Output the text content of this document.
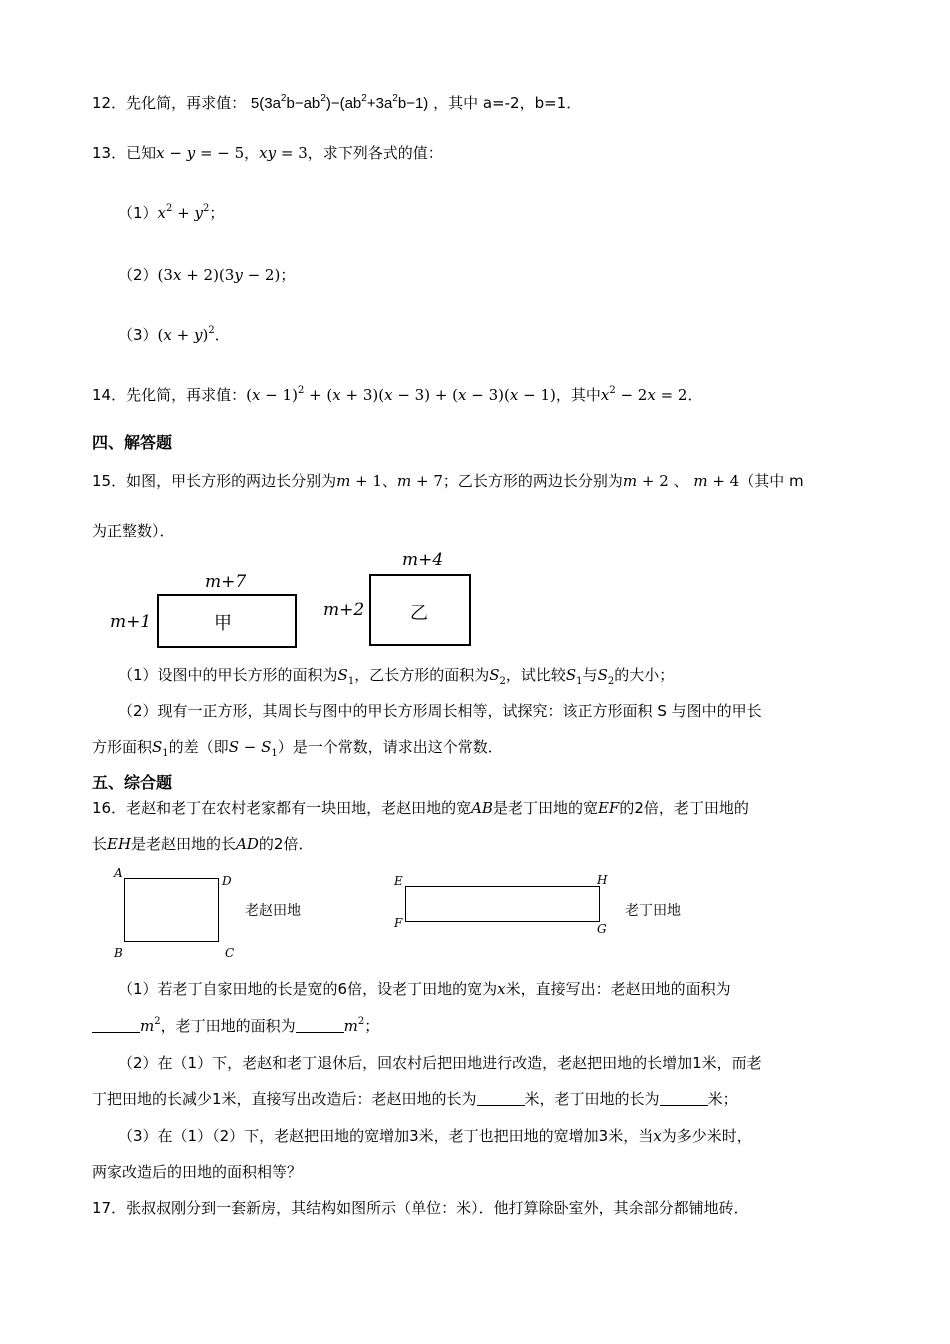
12．先化简，再求值： $5(3a^2b-ab^2)-(ab^2+3a^2b-1)$ ，其中 a=-2，b=1．
13．已知x − y = − 5，xy = 3，求下列各式的值：
$(1)x^2 + y^2$；
（2）(3x + 2)(3y − 2)；
$(3)(x + y)^2$．
14．先化简，再求值：$(x - 1)^2 + (x + 3)(x - 3) + (x - 3)(x - 1)$，其中$x^2 - 2x = 2$．
四、解答题
15．如图，甲长方形的两边长分别为m + 1、m + 7；乙长方形的两边长分别为m + 2 、 m + 4（其中 m
为正整数）．
m+7
m+1	甲
m+4
m+2	乙
（1）设图中的甲长方形的面积为$S_1$，乙长方形的面积为$S_2$，试比较$S_1$与$S_2$的大小；
（2）现有一正方形，其周长与图中的甲长方形周长相等，试探究：该正方形面积 S 与图中的甲长
方形面积$S_1$的差（即$S - S_1$）是一个常数，请求出这个常数．
五、综合题
16．老赵和老丁在农村老家都有一块田地，老赵田地的宽AB是老丁田地的宽EF的2倍，老丁田地的
长EH是老赵田地的长AD的2倍．
A
D
B	C
老赵田地
E	H
F	G
老丁田地
（1）若老丁自家田地的长是宽的6倍，设老丁田地的宽为x米，直接写出：老赵田地的面积为
$m^2$，老丁田地的面积为	$m^2$；
（2）在（1）下，老赵和老丁退休后，回农村后把田地进行改造，老赵把田地的长增加1米，而老
丁把田地的长减少1米，直接写出改造后：老赵田地的长为	米，老丁田地的长为	米；
（3）在（1）（2）下，老赵把田地的宽增加3米，老丁也把田地的宽增加3米，当x为多少米时，
两家改造后的田地的面积相等？
17．张叔叔刚分到一套新房，其结构如图所示（单位：米）．他打算除卧室外，其余部分都铺地砖．
